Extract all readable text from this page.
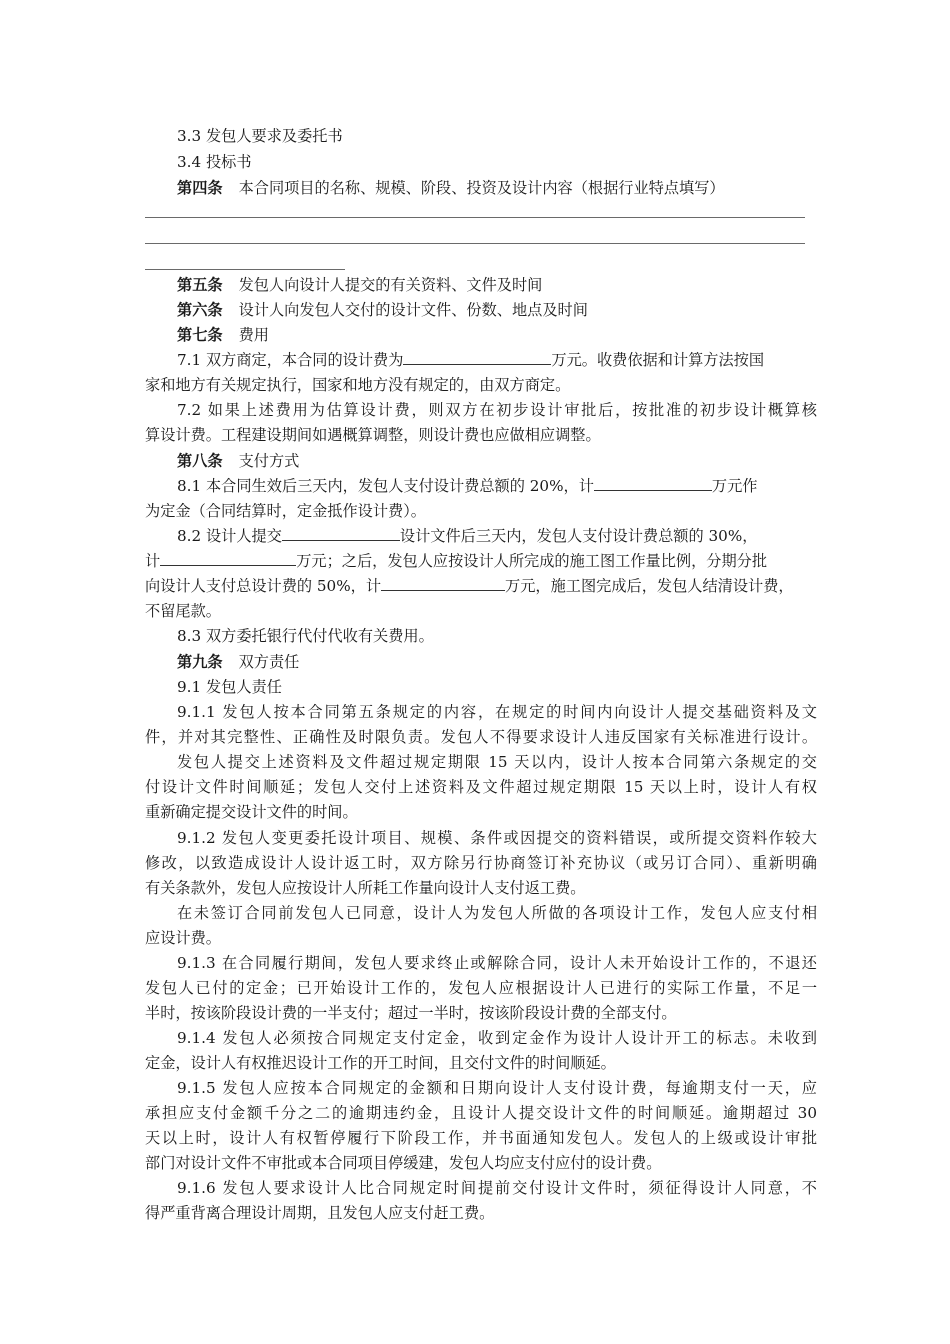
3.3 发包人要求及委托书
3.4 投标书
第四条 本合同项目的名称、规模、阶段、投资及设计内容（根据行业特点填写）
第五条 发包人向设计人提交的有关资料、文件及时间
第六条 设计人向发包人交付的设计文件、份数、地点及时间
第七条 费用
7.1 双方商定，本合同的设计费为	万元。收费依据和计算方法按国
家和地方有关规定执行，国家和地方没有规定的，由双方商定。
7.2 如果上述费用为估算设计费，则双方在初步设计审批后，按批准的初步设计概算核
算设计费。工程建设期间如遇概算调整，则设计费也应做相应调整。
第八条 支付方式
8.1 本合同生效后三天内，发包人支付设计费总额的 20%，计	万元作
为定金（合同结算时，定金抵作设计费）。
8.2 设计人提交	设计文件后三天内，发包人支付设计费总额的 30%，
计	万元；之后，发包人应按设计人所完成的施工图工作量比例，分期分批
向设计人支付总设计费的 50%，计	万元，施工图完成后，发包人结清设计费，
不留尾款。
8.3 双方委托银行代付代收有关费用。
第九条 双方责任
9.1 发包人责任
9.1.1 发包人按本合同第五条规定的内容，在规定的时间内向设计人提交基础资料及文
件，并对其完整性、正确性及时限负责。发包人不得要求设计人违反国家有关标准进行设计。
发包人提交上述资料及文件超过规定期限 15 天以内，设计人按本合同第六条规定的交
付设计文件时间顺延；发包人交付上述资料及文件超过规定期限 15 天以上时，设计人有权
重新确定提交设计文件的时间。
9.1.2 发包人变更委托设计项目、规模、条件或因提交的资料错误，或所提交资料作较大
修改，以致造成设计人设计返工时，双方除另行协商签订补充协议（或另订合同）、重新明确
有关条款外，发包人应按设计人所耗工作量向设计人支付返工费。
在未签订合同前发包人已同意，设计人为发包人所做的各项设计工作，发包人应支付相
应设计费。
9.1.3 在合同履行期间，发包人要求终止或解除合同，设计人未开始设计工作的，不退还
发包人已付的定金；已开始设计工作的，发包人应根据设计人已进行的实际工作量，不足一
半时，按该阶段设计费的一半支付；超过一半时，按该阶段设计费的全部支付。
9.1.4 发包人必须按合同规定支付定金，收到定金作为设计人设计开工的标志。未收到
定金，设计人有权推迟设计工作的开工时间，且交付文件的时间顺延。
9.1.5 发包人应按本合同规定的金额和日期向设计人支付设计费，每逾期支付一天，应
承担应支付金额千分之二的逾期违约金，且设计人提交设计文件的时间顺延。逾期超过 30
天以上时，设计人有权暂停履行下阶段工作，并书面通知发包人。发包人的上级或设计审批
部门对设计文件不审批或本合同项目停缓建，发包人均应支付应付的设计费。
9.1.6 发包人要求设计人比合同规定时间提前交付设计文件时，须征得设计人同意，不
得严重背离合理设计周期，且发包人应支付赶工费。
